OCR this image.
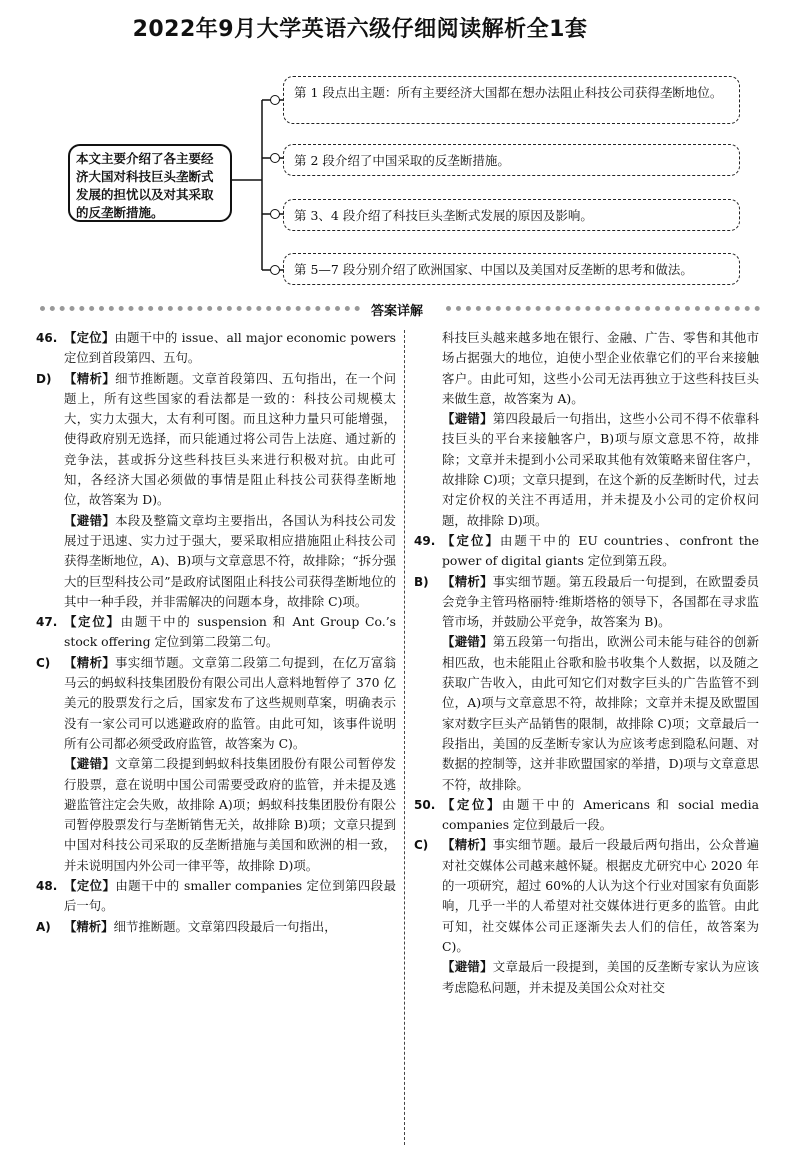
2022年9月大学英语六级仔细阅读解析全1套
本文主要介绍了各主要经济大国对科技巨头垄断式发展的担忧以及对其采取的反垄断措施。
第 1 段点出主题：所有主要经济大国都在想办法阻止科技公司获得垄断地位。
第 2 段介绍了中国采取的反垄断措施。
第 3、4 段介绍了科技巨头垄断式发展的原因及影响。
第 5—7 段分别介绍了欧洲国家、中国以及美国对反垄断的思考和做法。
答案详解
46. 【定位】由题干中的 issue、all major economic powers 定位到首段第四、五句。

D)	【精析】细节推断题。文章首段第四、五句指出，在一个问题上，所有这些国家的看法都是一致的：科技公司规模太大，实力太强大，太有利可图。而且这种力量只可能增强，使得政府别无选择，而只能通过将公司告上法庭、通过新的竞争法，甚或拆分这些科技巨头来进行积极对抗。由此可知，各经济大国必须做的事情是阻止科技公司获得垄断地位，故答案为 D)。

【避错】本段及整篇文章均主要指出，各国认为科技公司发展过于迅速、实力过于强大，要采取相应措施阻止科技公司获得垄断地位，A)、B)项与文章意思不符，故排除；“拆分强大的巨型科技公司”是政府试图阻止科技公司获得垄断地位的其中一种手段，并非需解决的问题本身，故排除 C)项。

47. 【定位】由题干中的 suspension 和 Ant Group Co.’s stock offering 定位到第二段第二句。

C)	【精析】事实细节题。文章第二段第二句提到，在亿万富翁马云的蚂蚁科技集团股份有限公司出人意料地暂停了 370 亿美元的股票发行之后，国家发布了这些规则草案，明确表示没有一家公司可以逃避政府的监管。由此可知，该事件说明所有公司都必须受政府监管，故答案为 C)。

【避错】文章第二段提到蚂蚁科技集团股份有限公司暂停发行股票，意在说明中国公司需要受政府的监管，并未提及逃避监管注定会失败，故排除 A)项；蚂蚁科技集团股份有限公司暂停股票发行与垄断销售无关，故排除 B)项；文章只提到中国对科技公司采取的反垄断措施与美国和欧洲的相一致，并未说明国内外公司一律平等，故排除 D)项。

48. 【定位】由题干中的 smaller companies 定位到第四段最后一句。

A)	【精析】细节推断题。文章第四段最后一句指出，

科技巨头越来越多地在银行、金融、广告、零售和其他市场占据强大的地位，迫使小型企业依靠它们的平台来接触客户。由此可知，这些小公司无法再独立于这些科技巨头来做生意，故答案为 A)。

【避错】第四段最后一句指出，这些小公司不得不依靠科技巨头的平台来接触客户，B)项与原文意思不符，故排除；文章并未提到小公司采取其他有效策略来留住客户，故排除 C)项；文章只提到，在这个新的反垄断时代，过去对定价权的关注不再适用，并未提及小公司的定价权问题，故排除 D)项。

49. 【定位】由题干中的 EU countries、confront the power of digital giants 定位到第五段。

B)	【精析】事实细节题。第五段最后一句提到，在欧盟委员会竞争主管玛格丽特·维斯塔格的领导下，各国都在寻求监管市场，并鼓励公平竞争，故答案为 B)。

【避错】第五段第一句指出，欧洲公司未能与硅谷的创新相匹敌，也未能阻止谷歌和脸书收集个人数据，以及随之获取广告收入，由此可知它们对数字巨头的广告监管不到位，A)项与文章意思不符，故排除；文章并未提及欧盟国家对数字巨头产品销售的限制，故排除 C)项；文章最后一段指出，美国的反垄断专家认为应该考虑到隐私问题、对数据的控制等，这并非欧盟国家的举措，D)项与文章意思不符，故排除。

50. 【定位】由题干中的 Americans 和 social media companies 定位到最后一段。

C)	【精析】事实细节题。最后一段最后两句指出，公众普遍对社交媒体公司越来越怀疑。根据皮尤研究中心 2020 年的一项研究，超过 60%的人认为这个行业对国家有负面影响，几乎一半的人希望对社交媒体进行更多的监管。由此可知，社交媒体公司正逐渐失去人们的信任，故答案为 C)。

【避错】文章最后一段提到，美国的反垄断专家认为应该考虑隐私问题，并未提及美国公众对社交
